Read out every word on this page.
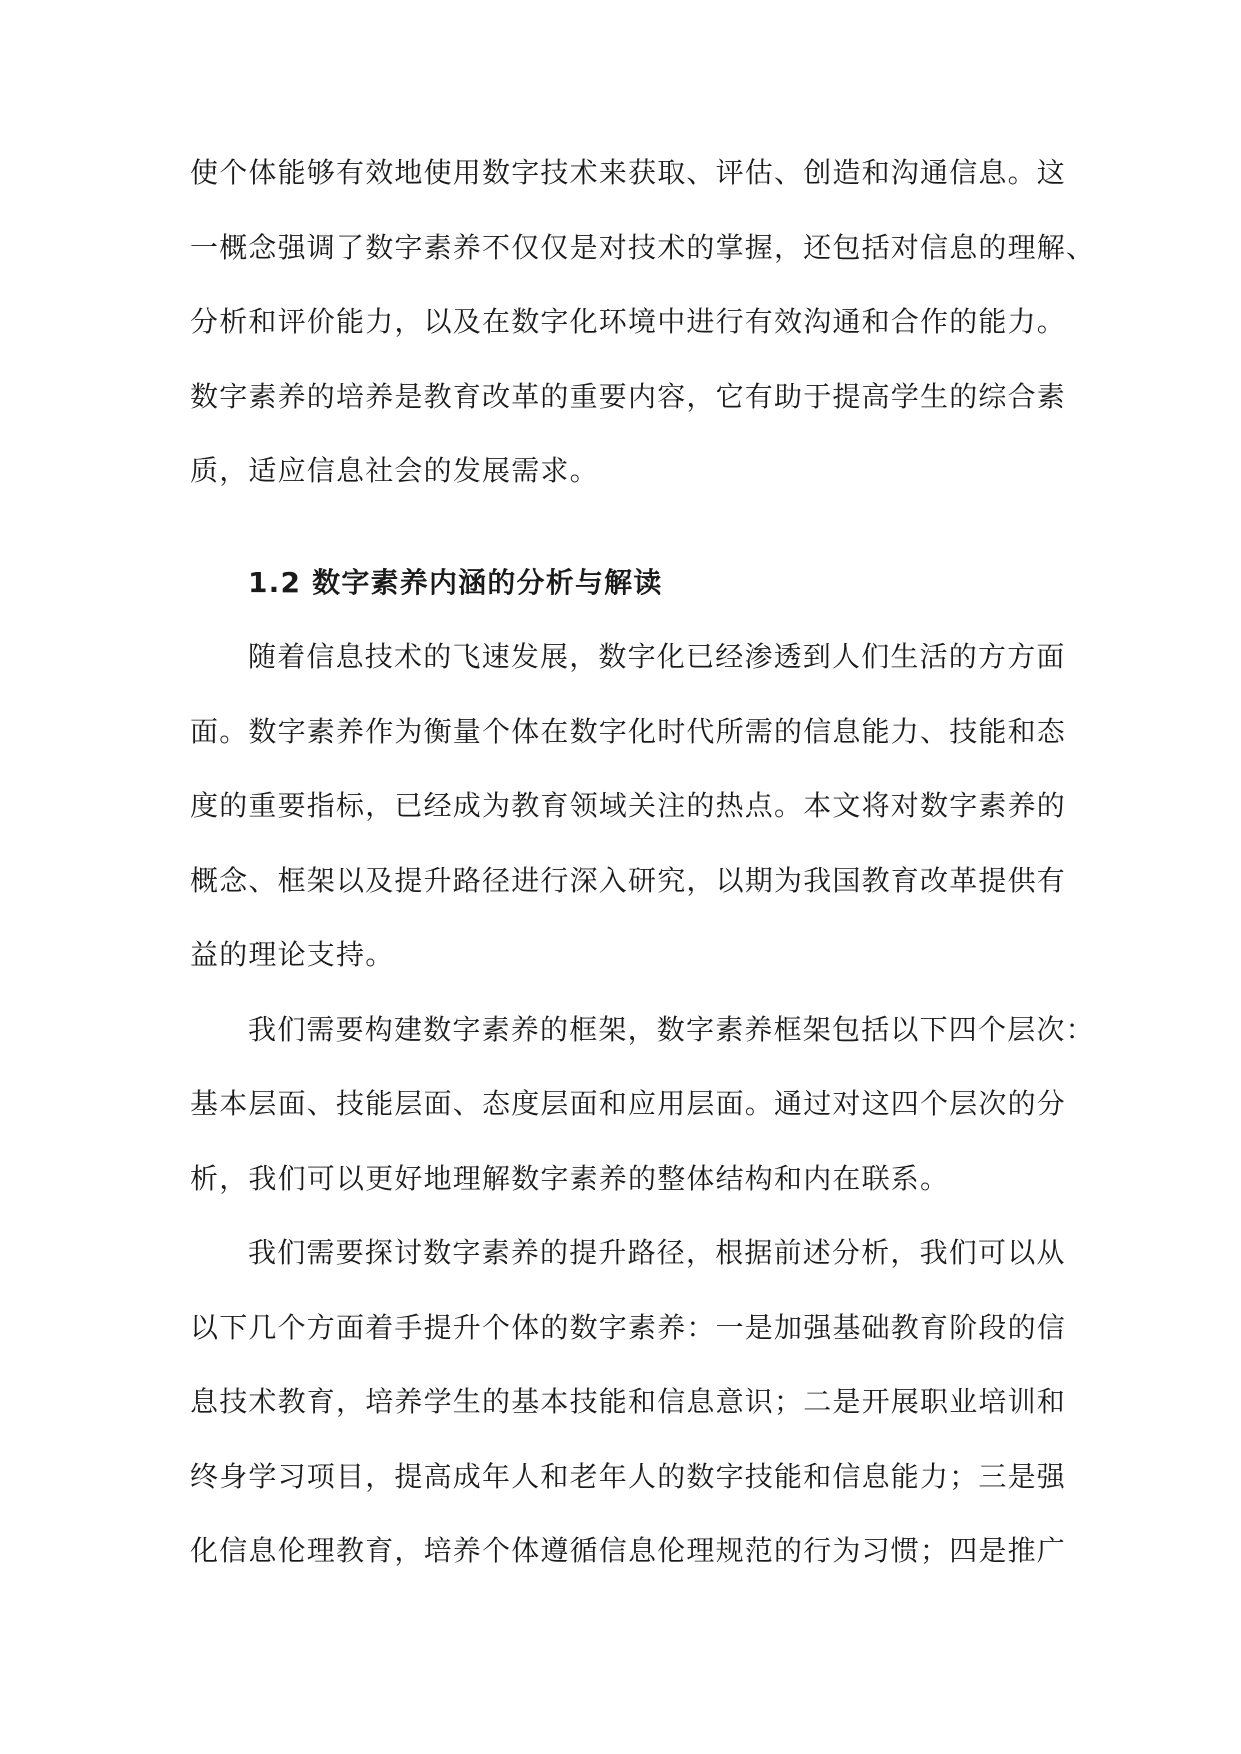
使个体能够有效地使用数字技术来获取、评估、创造和沟通信息。这
一概念强调了数字素养不仅仅是对技术的掌握，还包括对信息的理解、
分析和评价能力，以及在数字化环境中进行有效沟通和合作的能力。
数字素养的培养是教育改革的重要内容，它有助于提高学生的综合素
质，适应信息社会的发展需求。
1.2 数字素养内涵的分析与解读
随着信息技术的飞速发展，数字化已经渗透到人们生活的方方面
面。数字素养作为衡量个体在数字化时代所需的信息能力、技能和态
度的重要指标，已经成为教育领域关注的热点。本文将对数字素养的
概念、框架以及提升路径进行深入研究，以期为我国教育改革提供有
益的理论支持。
我们需要构建数字素养的框架，数字素养框架包括以下四个层次：
基本层面、技能层面、态度层面和应用层面。通过对这四个层次的分
析，我们可以更好地理解数字素养的整体结构和内在联系。
我们需要探讨数字素养的提升路径，根据前述分析，我们可以从
以下几个方面着手提升个体的数字素养：一是加强基础教育阶段的信
息技术教育，培养学生的基本技能和信息意识；二是开展职业培训和
终身学习项目，提高成年人和老年人的数字技能和信息能力；三是强
化信息伦理教育，培养个体遵循信息伦理规范的行为习惯；四是推广
